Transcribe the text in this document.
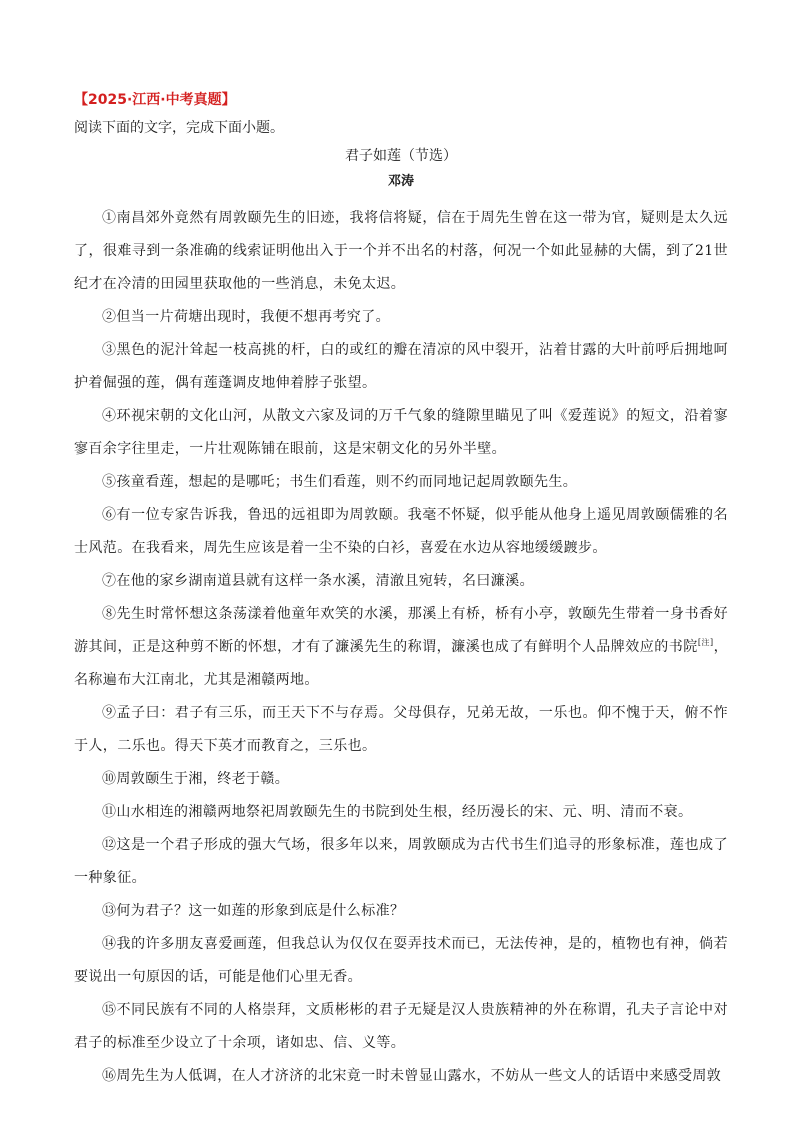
【2025·江西·中考真题】
阅读下面的文字，完成下面小题。
君子如莲（节选）
邓涛
①南昌郊外竟然有周敦颐先生的旧迹，我将信将疑，信在于周先生曾在这一带为官，疑则是太久远了，很难寻到一条准确的线索证明他出入于一个并不出名的村落，何况一个如此显赫的大儒，到了21世纪才在冷清的田园里获取他的一些消息，未免太迟。
②但当一片荷塘出现时，我便不想再考究了。
③黑色的泥汁耸起一枝高挑的杆，白的或红的瓣在清凉的风中裂开，沾着甘露的大叶前呼后拥地呵护着倔强的莲，偶有莲蓬调皮地伸着脖子张望。
④环视宋朝的文化山河，从散文六家及词的万千气象的缝隙里瞄见了叫《爱莲说》的短文，沿着寥寥百余字往里走，一片壮观陈铺在眼前，这是宋朝文化的另外半壁。
⑤孩童看莲，想起的是哪吒；书生们看莲，则不约而同地记起周敦颐先生。
⑥有一位专家告诉我，鲁迅的远祖即为周敦颐。我毫不怀疑，似乎能从他身上遥见周敦颐儒雅的名士风范。在我看来，周先生应该是着一尘不染的白衫，喜爱在水边从容地缓缓踱步。
⑦在他的家乡湖南道县就有这样一条水溪，清澈且宛转，名曰濂溪。
⑧先生时常怀想这条荡漾着他童年欢笑的水溪，那溪上有桥，桥有小亭，敦颐先生带着一身书香好游其间，正是这种剪不断的怀想，才有了濂溪先生的称谓，濂溪也成了有鲜明个人品牌效应的书院[注]，名称遍布大江南北，尤其是湘赣两地。
⑨孟子曰：君子有三乐，而王天下不与存焉。父母俱存，兄弟无故，一乐也。仰不愧于天，俯不怍于人，二乐也。得天下英才而教育之，三乐也。
⑩周敦颐生于湘，终老于赣。
⑪山水相连的湘赣两地祭祀周敦颐先生的书院到处生根，经历漫长的宋、元、明、清而不衰。
⑫这是一个君子形成的强大气场，很多年以来，周敦颐成为古代书生们追寻的形象标准，莲也成了一种象征。
⑬何为君子？这一如莲的形象到底是什么标准？
⑭我的许多朋友喜爱画莲，但我总认为仅仅在耍弄技术而已，无法传神，是的，植物也有神，倘若要说出一句原因的话，可能是他们心里无香。
⑮不同民族有不同的人格崇拜，文质彬彬的君子无疑是汉人贵族精神的外在称谓，孔夫子言论中对君子的标准至少设立了十余项，诸如忠、信、义等。
⑯周先生为人低调，在人才济济的北宋竟一时未曾显山露水，不妨从一些文人的话语中来感受周敦
